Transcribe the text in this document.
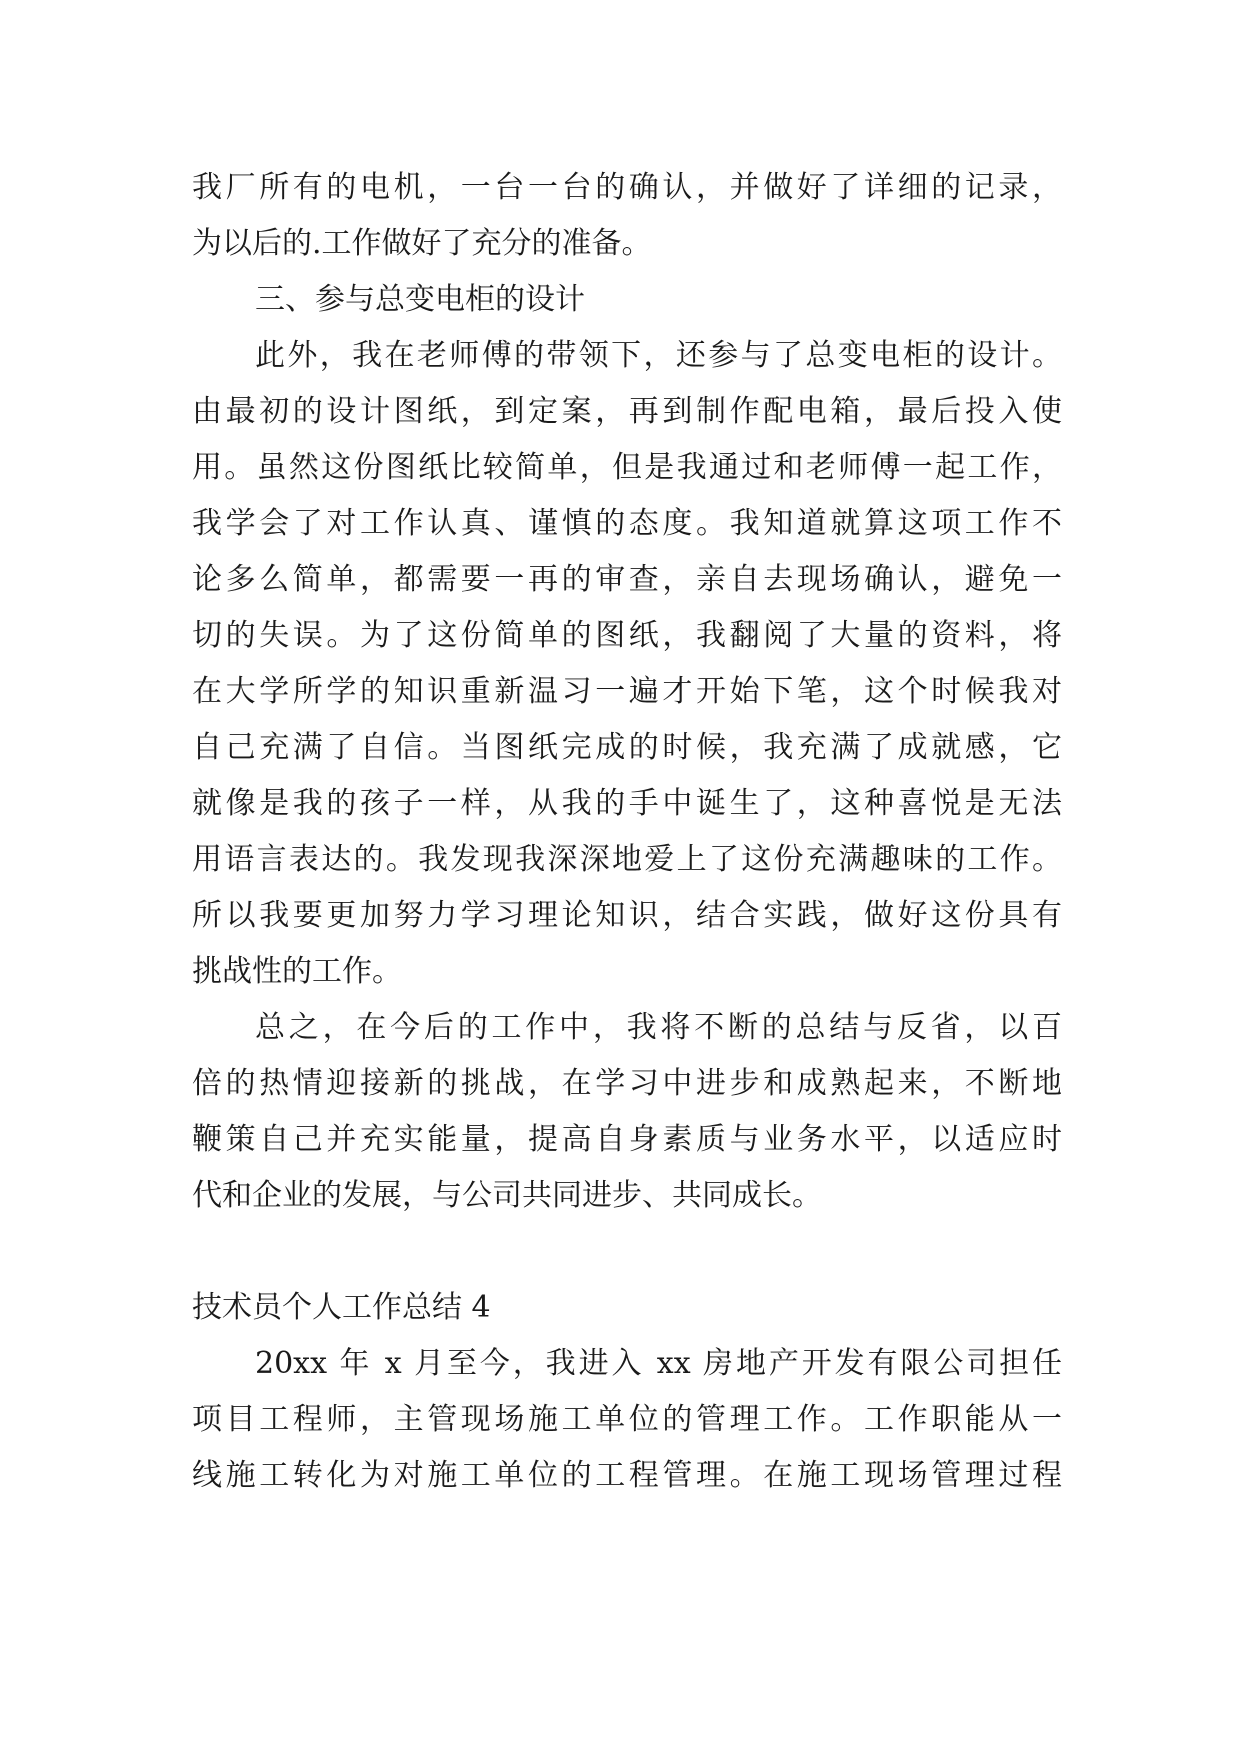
我厂所有的电机，一台一台的确认，并做好了详细的记录，
为以后的.工作做好了充分的准备。
三、参与总变电柜的设计
此外，我在老师傅的带领下，还参与了总变电柜的设计。
由最初的设计图纸，到定案，再到制作配电箱，最后投入使
用。虽然这份图纸比较简单，但是我通过和老师傅一起工作，
我学会了对工作认真、谨慎的态度。我知道就算这项工作不
论多么简单，都需要一再的审查，亲自去现场确认，避免一
切的失误。为了这份简单的图纸，我翻阅了大量的资料，将
在大学所学的知识重新温习一遍才开始下笔，这个时候我对
自己充满了自信。当图纸完成的时候，我充满了成就感，它
就像是我的孩子一样，从我的手中诞生了，这种喜悦是无法
用语言表达的。我发现我深深地爱上了这份充满趣味的工作。
所以我要更加努力学习理论知识，结合实践，做好这份具有
挑战性的工作。
总之，在今后的工作中，我将不断的总结与反省，以百
倍的热情迎接新的挑战，在学习中进步和成熟起来，不断地
鞭策自己并充实能量，提高自身素质与业务水平，以适应时
代和企业的发展，与公司共同进步、共同成长。
技术员个人工作总结 4
20xx 年 x 月至今，我进入 xx 房地产开发有限公司担任
项目工程师，主管现场施工单位的管理工作。工作职能从一
线施工转化为对施工单位的工程管理。在施工现场管理过程
